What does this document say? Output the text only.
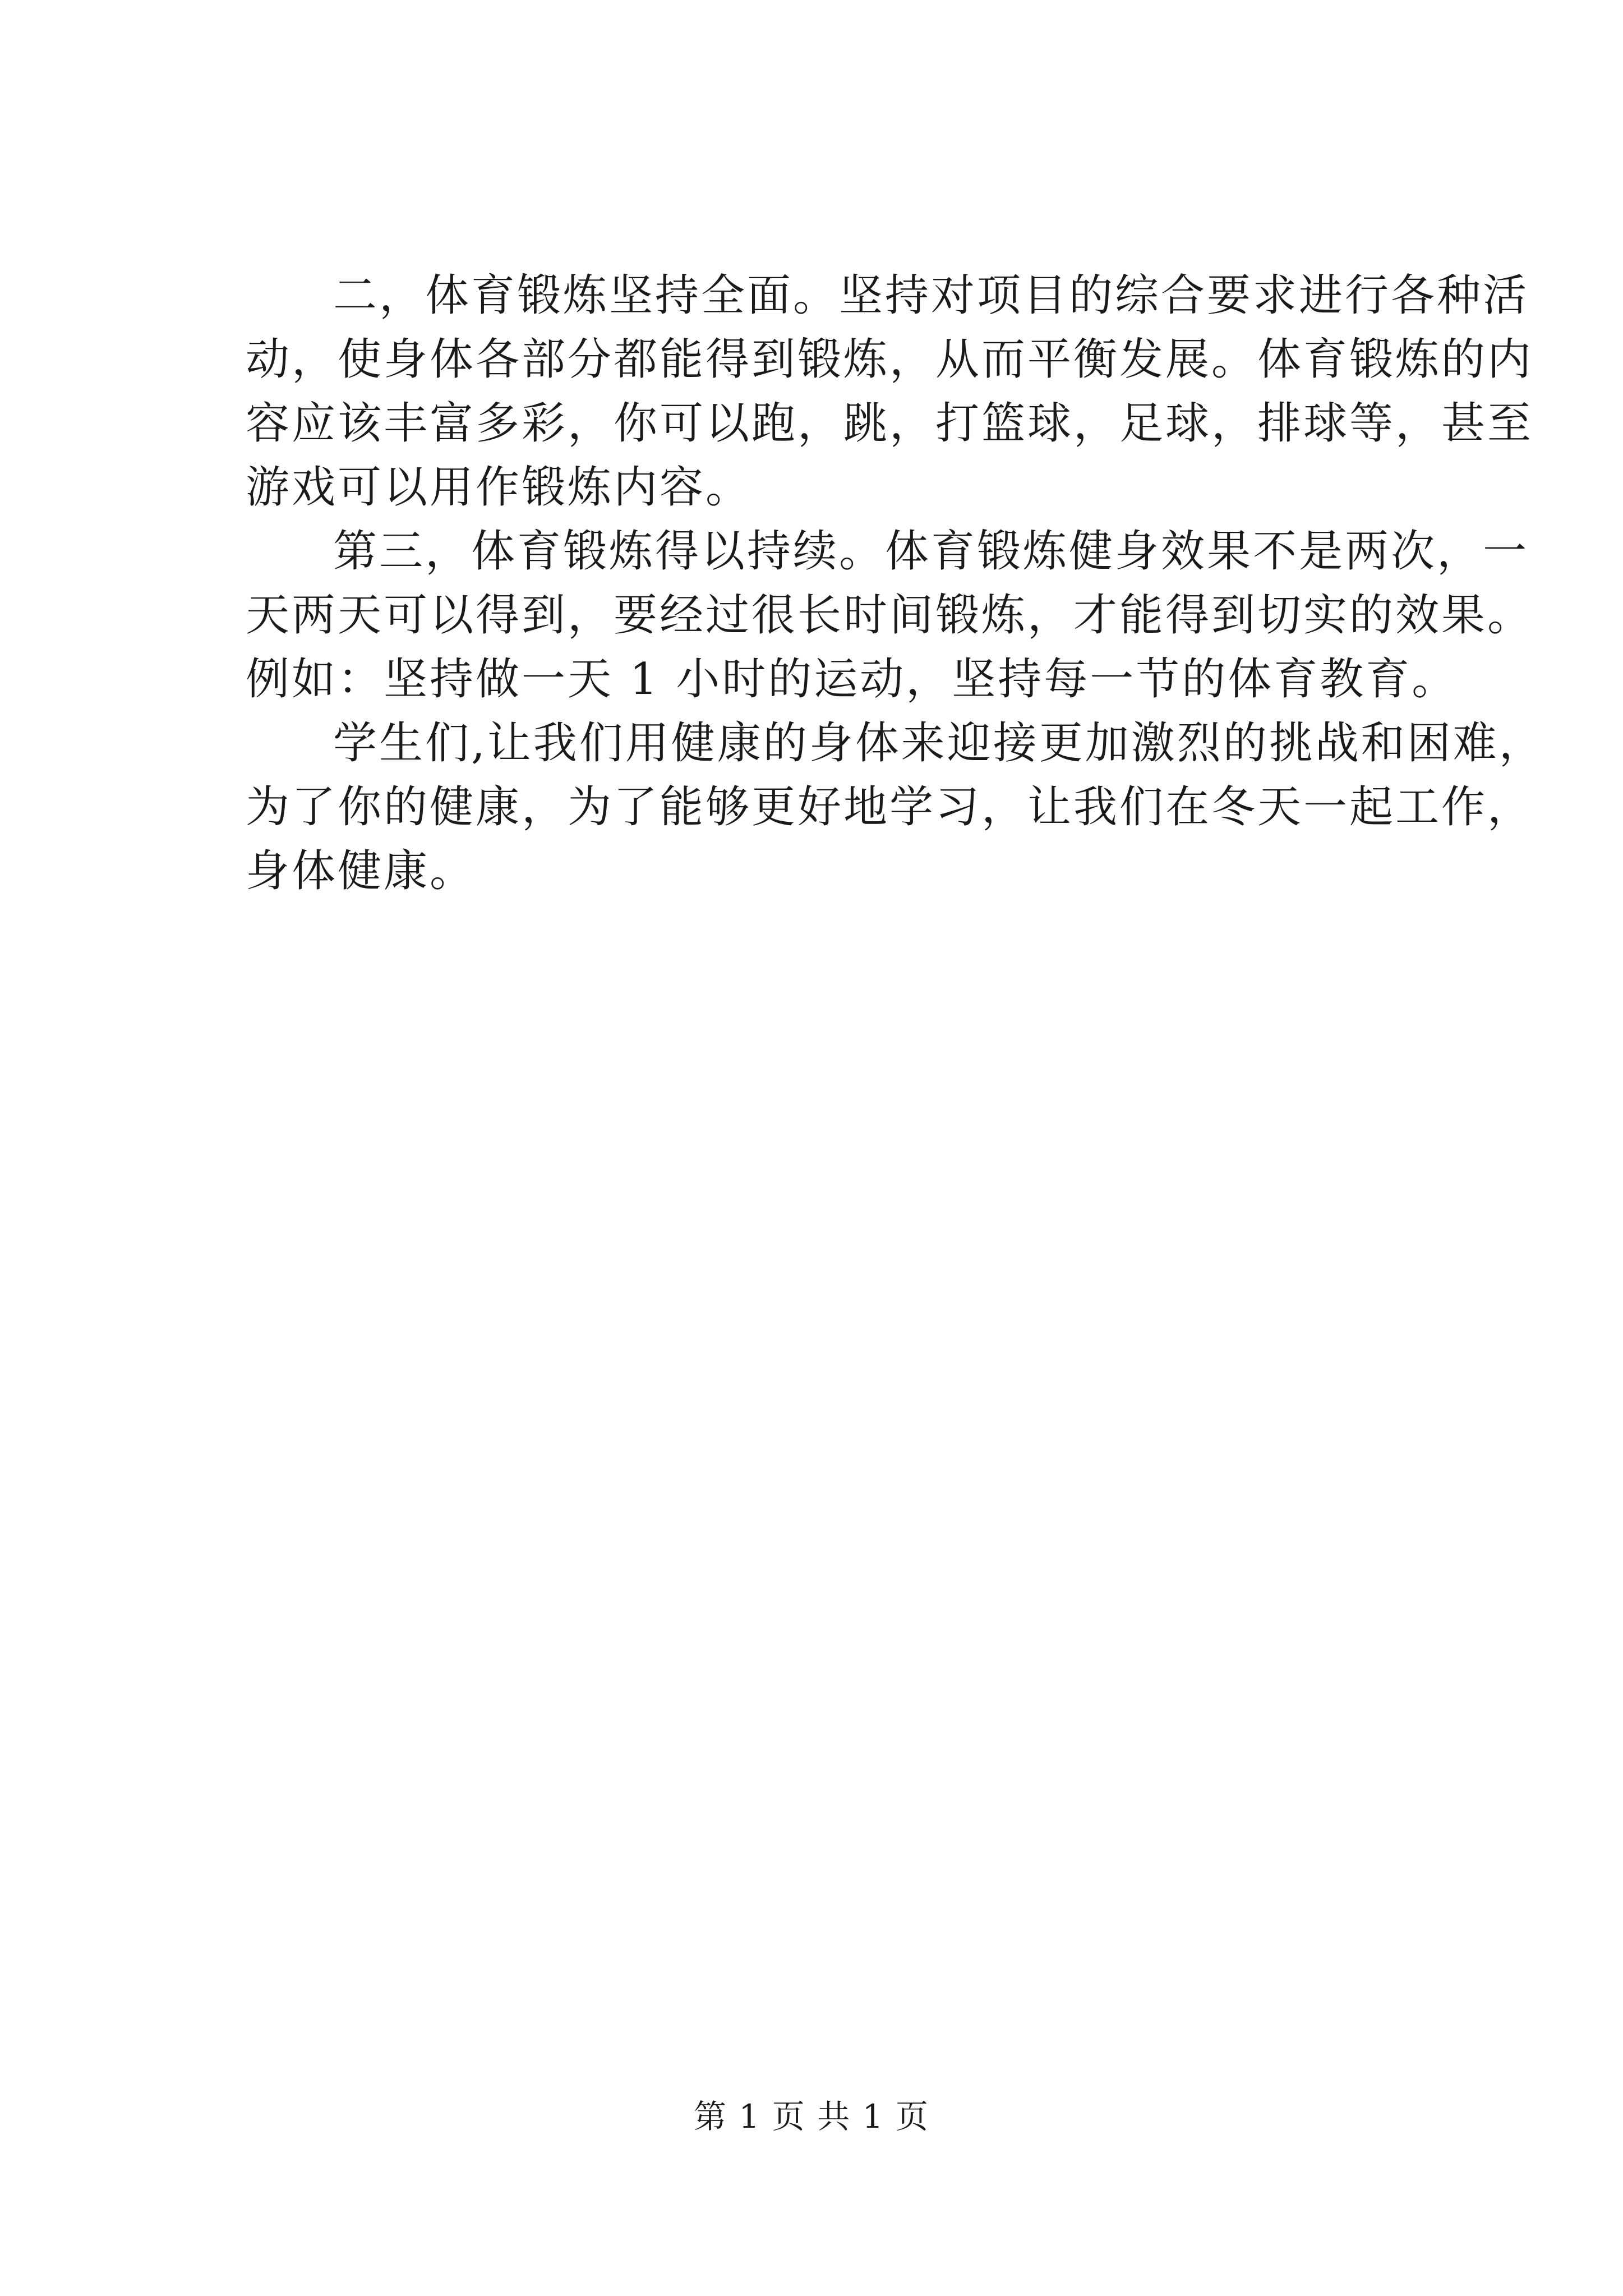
二，体育锻炼坚持全面。坚持对项目的综合要求进行各种活
动，使身体各部分都能得到锻炼，从而平衡发展。体育锻炼的内
容应该丰富多彩，你可以跑，跳，打篮球，足球，排球等，甚至
游戏可以用作锻炼内容。

第三，体育锻炼得以持续。体育锻炼健身效果不是两次，一
天两天可以得到，要经过很长时间锻炼，才能得到切实的效果。
例如：坚持做一天 1 小时的运动，坚持每一节的体育教育。

学生们,让我们用健康的身体来迎接更加激烈的挑战和困难，
为了你的健康，为了能够更好地学习，让我们在冬天一起工作，
身体健康。

第 1 页 共 1 页
